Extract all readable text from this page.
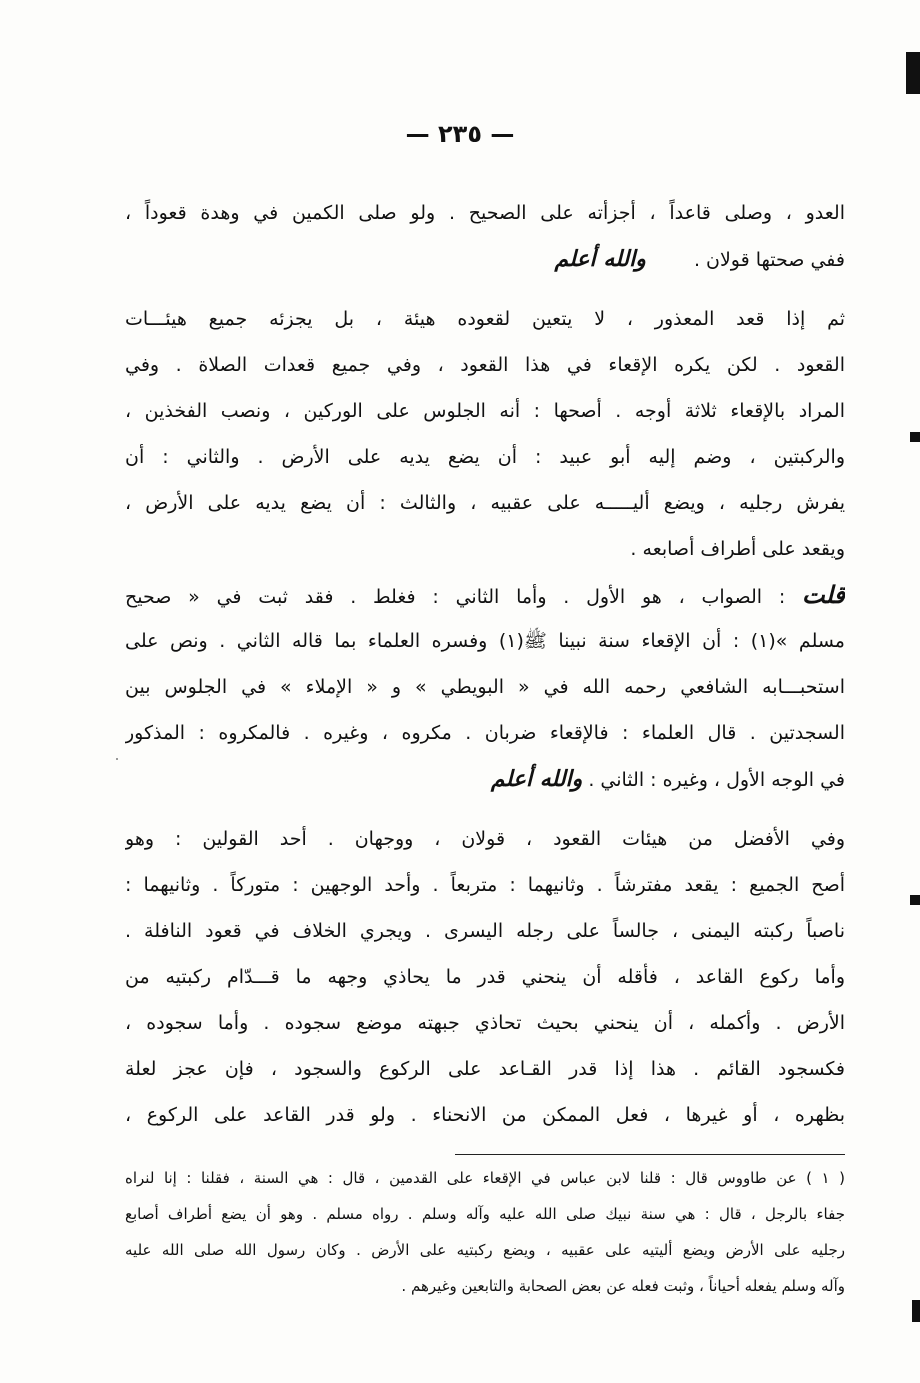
— ٢٣٥ —
العدو ، وصلى قاعداً ، أجزأته على الصحيح . ولو صلى الكمين في وهدة قعوداً ،
ففي صحتها قولان .  والله أعلم
ثم إذا قعد المعذور ، لا يتعين لقعوده هيئة ، بل يجزئه جميع هيئـــات
القعود . لكن يكره الإقعاء في هذا القعود ، وفي جميع قعدات الصلاة . وفي
المراد بالإقعاء ثلاثة أوجه . أصحها : أنه الجلوس على الوركين ، ونصب الفخذين ،
والركبتين ، وضم إليه أبو عبيد : أن يضع يديه على الأرض . والثاني : أن
يفرش رجليه ، ويضع أليـــــه على عقبيه ، والثالث : أن يضع يديه على الأرض ،
ويقعد على أطراف أصابعه .
قلت : الصواب ، هو الأول . وأما الثاني : فغلط . فقد ثبت في « صحيح
مسلم »(١) : أن الإقعاء سنة نبينا ﷺ(١) وفسره العلماء بما قاله الثاني . ونص على
استحبـــابه الشافعي رحمه الله في « البويطي » و « الإملاء » في الجلوس بين
السجدتين . قال العلماء : فالإقعاء ضربان . مكروه ، وغيره . فالمكروه : المذكور
في الوجه الأول ، وغيره : الثاني . والله أعلم
وفي الأفضل من هيئات القعود ، قولان ، ووجهان . أحد القولين : وهو
أصح الجميع : يقعد مفترشاً . وثانيهما : متربعاً . وأحد الوجهين : متوركاً . وثانيهما :
ناصباً ركبته اليمنى ، جالساً على رجله اليسرى . ويجري الخلاف في قعود النافلة .
وأما ركوع القاعد ، فأقله أن ينحني قدر ما يحاذي وجهه ما قـــدّام ركبتيه من
الأرض . وأكمله ، أن ينحني بحيث تحاذي جبهته موضع سجوده . وأما سجوده ،
فكسجود القائم . هذا إذا قدر القـاعد على الركوع والسجود ، فإن عجز لعلة
بظهره ، أو غيرها ، فعل الممكن من الانحناء . ولو قدر القاعد على الركوع ،
( ١ ) عن طاووس قال : قلنا لابن عباس في الإقعاء على القدمين ، قال : هي السنة ، فقلنا : إنا لنراه
جفاء بالرجل ، قال : هي سنة نبيك صلى الله عليه وآله وسلم . رواه مسلم . وهو أن يضع أطراف أصابع
رجليه على الأرض ويضع أليتيه على عقبيه ، ويضع ركبتيه على الأرض . وكان رسول الله صلى الله عليه
وآله وسلم يفعله أحياناً ، وثبت فعله عن بعض الصحابة والتابعين وغيرهم .
